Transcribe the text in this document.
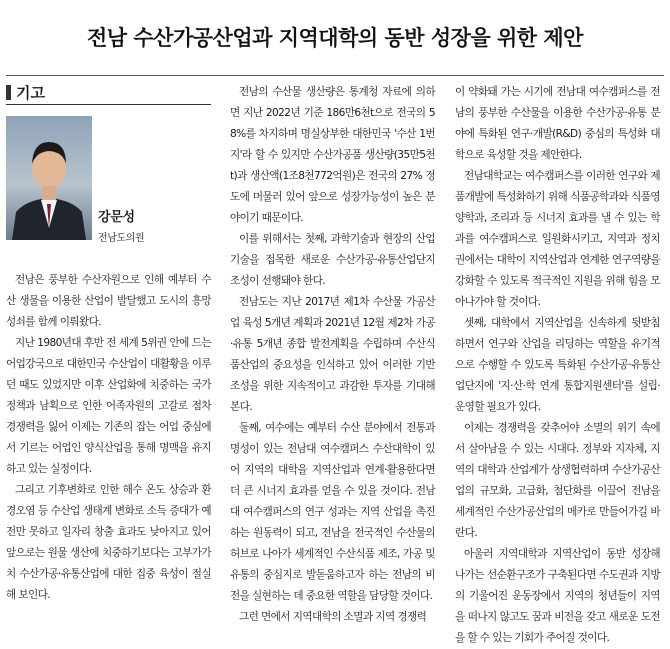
전남 수산가공산업과 지역대학의 동반 성장을 위한 제안
기고
강문성
전남도의원

전남은 풍부한 수산자원으로 인해 예부터 수산 생물을 이용한 산업이 발달했고 도시의 흥망성쇠를 함께 이뤄왔다.

지난 1980년대 후반 전 세계 5위권 안에 드는 어업강국으로 대한민국 수산업이 대활황을 이루던 때도 있었지만 이후 산업화에 치중하는 국가정책과 남획으로 인한 어족자원의 고갈로 점차 경쟁력을 잃어 이제는 기존의 잡는 어업 중심에서 기르는 어업인 양식산업을 통해 명맥을 유지하고 있는 실정이다.

그리고 기후변화로 인한 해수 온도 상승과 환경오염 등 수산업 생태계 변화로 소득 증대가 예전만 못하고 일자리 창출 효과도 낮아지고 있어 앞으로는 원물 생산에 치중하기보다는 고부가가치 수산가공·유통산업에 대한 집중 육성이 절실해 보인다.

전남의 수산물 생산량은 통계청 자료에 의하면 지난 2022년 기준 186만6천t으로 전국의 58%를 차지하며 명실상부한 대한민국 '수산 1번지'라 할 수 있지만 수산가공품 생산량(35만5천t)과 생산액(1조8천772억원)은 전국의 27% 정도에 머물러 있어 앞으로 성장가능성이 높은 분야이기 때문이다.

이를 위해서는 첫째, 과학기술과 현장의 산업기술을 접목한 새로운 수산가공·유통산업단지 조성이 선행돼야 한다.

전남도는 지난 2017년 제1차 수산물 가공산업 육성 5개년 계획과 2021년 12월 제2차 가공·유통 5개년 종합 발전계획을 수립하며 수산식품산업의 중요성을 인식하고 있어 이러한 기반 조성을 위한 지속적이고 과감한 투자를 기대해 본다.

둘째, 여수에는 예부터 수산 분야에서 전통과 명성이 있는 전남대 여수캠퍼스 수산대학이 있어 지역의 대학을 지역산업과 연계·활용한다면 더 큰 시너지 효과를 얻을 수 있을 것이다. 전남대 여수캠퍼스의 연구 성과는 지역 산업을 촉진하는 원동력이 되고, 전남을 전국적인 수산물의 허브로 나아가 세계적인 수산식품 제조, 가공 및 유통의 중심지로 발돋움하고자 하는 전남의 비전을 실현하는 데 중요한 역할을 담당할 것이다.

그런 면에서 지역대학의 소멸과 지역 경쟁력

이 약화돼 가는 시기에 전남대 여수캠퍼스를 전남의 풍부한 수산물을 이용한 수산가공·유통 분야에 특화된 연구·개발(R&D) 중심의 특성화 대학으로 육성할 것을 제안한다.

전남대학교는 여수캠퍼스를 이러한 연구와 제품개발에 특성화하기 위해 식품공학과와 식품영양학과, 조리과 등 시너지 효과를 낼 수 있는 학과를 여수캠퍼스로 일원화시키고, 지역과 정치권에서는 대학이 지역산업과 연계한 연구역량을 강화할 수 있도록 적극적인 지원을 위해 힘을 모아나가야 할 것이다.

셋째, 대학에서 지역산업을 신속하게 뒷받침하면서 연구와 산업을 리딩하는 역할을 유기적으로 수행할 수 있도록 특화된 수산가공·유통산업단지에 '지·산·학 연계 통합지원센터'를 설립·운영할 필요가 있다.

이제는 경쟁력을 갖추어야 소멸의 위기 속에서 살아남을 수 있는 시대다. 정부와 지자체, 지역의 대학과 산업계가 상생협력하며 수산가공산업의 규모화, 고급화, 첨단화를 이끌어 전남을 세계적인 수산가공산업의 메카로 만들어가길 바란다.

아울러 지역대학과 지역산업이 동반 성장해 나가는 선순환구조가 구축된다면 수도권과 지방의 기울어진 운동장에서 지역의 청년들이 지역을 떠나지 않고도 꿈과 비전을 갖고 새로운 도전을 할 수 있는 기회가 주어질 것이다.
